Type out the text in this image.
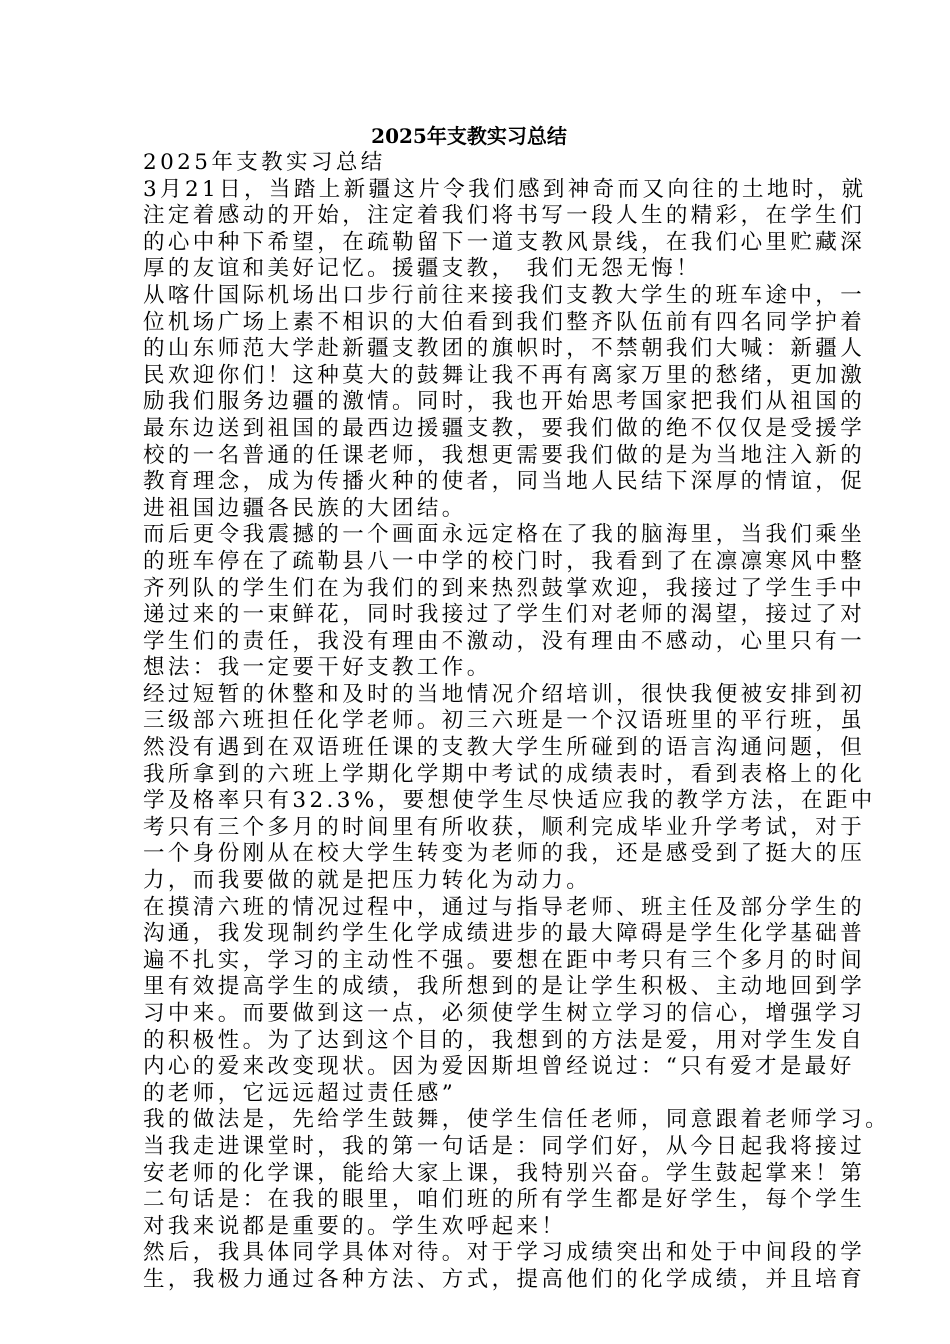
2025年支教实习总结
2025年支教实习总结

3月21日，当踏上新疆这片令我们感到神奇而又向往的土地时，就

注定着感动的开始，注定着我们将书写一段人生的精彩，在学生们

的心中种下希望，在疏勒留下一道支教风景线，在我们心里贮藏深

厚的友谊和美好记忆。援疆支教， 我们无怨无悔！

从喀什国际机场出口步行前往来接我们支教大学生的班车途中，一

位机场广场上素不相识的大伯看到我们整齐队伍前有四名同学护着

的山东师范大学赴新疆支教团的旗帜时，不禁朝我们大喊：新疆人

民欢迎你们！这种莫大的鼓舞让我不再有离家万里的愁绪，更加激

励我们服务边疆的激情。同时，我也开始思考国家把我们从祖国的

最东边送到祖国的最西边援疆支教，要我们做的绝不仅仅是受援学

校的一名普通的任课老师，我想更需要我们做的是为当地注入新的

教育理念，成为传播火种的使者，同当地人民结下深厚的情谊，促

进祖国边疆各民族的大团结。

而后更令我震撼的一个画面永远定格在了我的脑海里，当我们乘坐

的班车停在了疏勒县八一中学的校门时，我看到了在凛凛寒风中整

齐列队的学生们在为我们的到来热烈鼓掌欢迎，我接过了学生手中

递过来的一束鲜花，同时我接过了学生们对老师的渴望，接过了对

学生们的责任，我没有理由不激动，没有理由不感动，心里只有一

想法：我一定要干好支教工作。

经过短暂的休整和及时的当地情况介绍培训，很快我便被安排到初

三级部六班担任化学老师。初三六班是一个汉语班里的平行班，虽

然没有遇到在双语班任课的支教大学生所碰到的语言沟通问题，但

我所拿到的六班上学期化学期中考试的成绩表时，看到表格上的化

学及格率只有32.3%，要想使学生尽快适应我的教学方法，在距中

考只有三个多月的时间里有所收获，顺利完成毕业升学考试，对于

一个身份刚从在校大学生转变为老师的我，还是感受到了挺大的压

力，而我要做的就是把压力转化为动力。

在摸清六班的情况过程中，通过与指导老师、班主任及部分学生的

沟通，我发现制约学生化学成绩进步的最大障碍是学生化学基础普

遍不扎实，学习的主动性不强。要想在距中考只有三个多月的时间

里有效提高学生的成绩，我所想到的是让学生积极、主动地回到学

习中来。而要做到这一点，必须使学生树立学习的信心，增强学习

的积极性。为了达到这个目的，我想到的方法是爱，用对学生发自

内心的爱来改变现状。因为爱因斯坦曾经说过：“只有爱才是最好

的老师，它远远超过责任感”

我的做法是，先给学生鼓舞，使学生信任老师，同意跟着老师学习。

当我走进课堂时，我的第一句话是：同学们好，从今日起我将接过

安老师的化学课，能给大家上课，我特别兴奋。学生鼓起掌来！第

二句话是：在我的眼里，咱们班的所有学生都是好学生，每个学生

对我来说都是重要的。学生欢呼起来！

然后，我具体同学具体对待。对于学习成绩突出和处于中间段的学

生，我极力通过各种方法、方式，提高他们的化学成绩，并且培育
